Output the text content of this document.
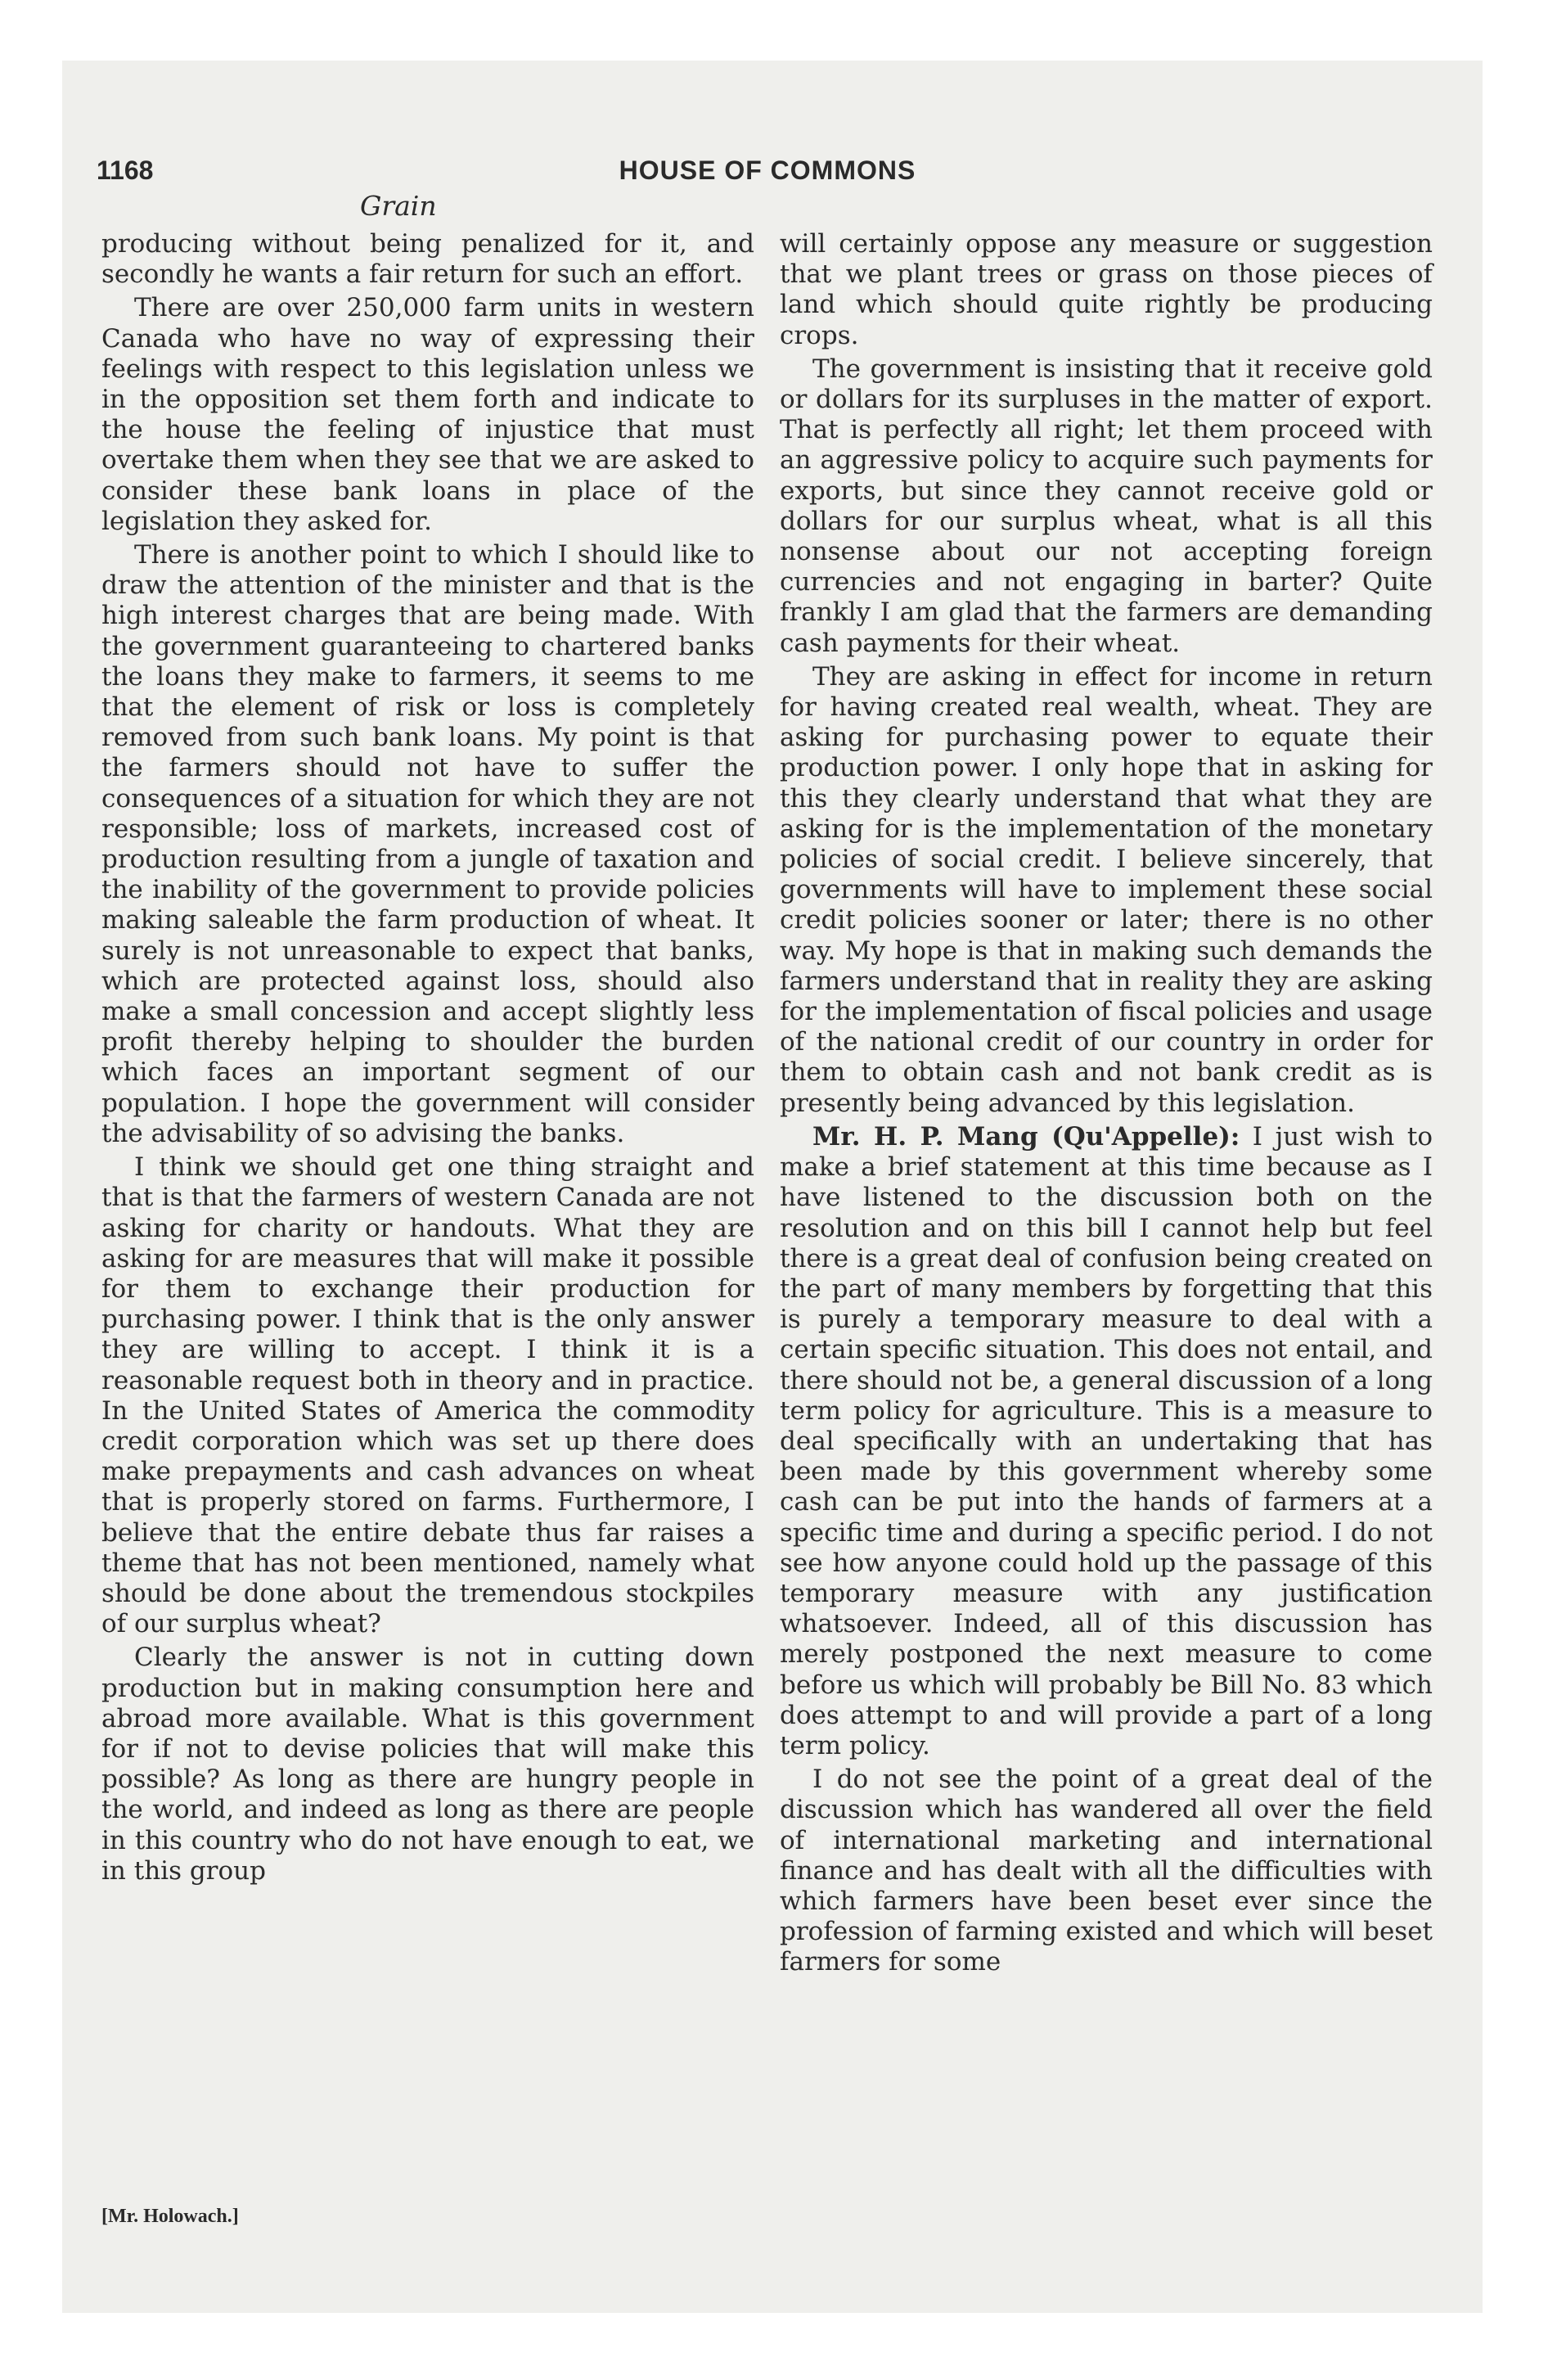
1168	HOUSE OF COMMONS
Grain

producing without being penalized for it, and secondly he wants a fair return for such an effort.

There are over 250,000 farm units in western Canada who have no way of expressing their feelings with respect to this legislation unless we in the opposition set them forth and indicate to the house the feeling of injustice that must overtake them when they see that we are asked to consider these bank loans in place of the legislation they asked for.

There is another point to which I should like to draw the attention of the minister and that is the high interest charges that are being made. With the government guaranteeing to chartered banks the loans they make to farmers, it seems to me that the element of risk or loss is completely removed from such bank loans. My point is that the farmers should not have to suffer the consequences of a situation for which they are not responsible; loss of markets, increased cost of production resulting from a jungle of taxation and the inability of the government to provide policies making saleable the farm production of wheat. It surely is not unreasonable to expect that banks, which are protected against loss, should also make a small concession and accept slightly less profit thereby helping to shoulder the burden which faces an important segment of our population. I hope the government will consider the advisability of so advising the banks.

I think we should get one thing straight and that is that the farmers of western Canada are not asking for charity or handouts. What they are asking for are measures that will make it possible for them to exchange their production for purchasing power. I think that is the only answer they are willing to accept. I think it is a reasonable request both in theory and in practice. In the United States of America the commodity credit corporation which was set up there does make prepayments and cash advances on wheat that is properly stored on farms. Furthermore, I believe that the entire debate thus far raises a theme that has not been mentioned, namely what should be done about the tremendous stockpiles of our surplus wheat?

Clearly the answer is not in cutting down production but in making consumption here and abroad more available. What is this government for if not to devise policies that will make this possible? As long as there are hungry people in the world, and indeed as long as there are people in this country who do not have enough to eat, we in this group

will certainly oppose any measure or suggestion that we plant trees or grass on those pieces of land which should quite rightly be producing crops.

The government is insisting that it receive gold or dollars for its surpluses in the matter of export. That is perfectly all right; let them proceed with an aggressive policy to acquire such payments for exports, but since they cannot receive gold or dollars for our surplus wheat, what is all this nonsense about our not accepting foreign currencies and not engaging in barter? Quite frankly I am glad that the farmers are demanding cash payments for their wheat.

They are asking in effect for income in return for having created real wealth, wheat. They are asking for purchasing power to equate their production power. I only hope that in asking for this they clearly understand that what they are asking for is the implementation of the monetary policies of social credit. I believe sincerely, that governments will have to implement these social credit policies sooner or later; there is no other way. My hope is that in making such demands the farmers understand that in reality they are asking for the implementation of fiscal policies and usage of the national credit of our country in order for them to obtain cash and not bank credit as is presently being advanced by this legislation.

Mr. H. P. Mang (Qu'Appelle): I just wish to make a brief statement at this time because as I have listened to the discussion both on the resolution and on this bill I cannot help but feel there is a great deal of confusion being created on the part of many members by forgetting that this is purely a temporary measure to deal with a certain specific situation. This does not entail, and there should not be, a general discussion of a long term policy for agriculture. This is a measure to deal specifically with an undertaking that has been made by this government whereby some cash can be put into the hands of farmers at a specific time and during a specific period. I do not see how anyone could hold up the passage of this temporary measure with any justification whatsoever. Indeed, all of this discussion has merely postponed the next measure to come before us which will probably be Bill No. 83 which does attempt to and will provide a part of a long term policy.

I do not see the point of a great deal of the discussion which has wandered all over the field of international marketing and international finance and has dealt with all the difficulties with which farmers have been beset ever since the profession of farming existed and which will beset farmers for some

[Mr. Holowach.]
